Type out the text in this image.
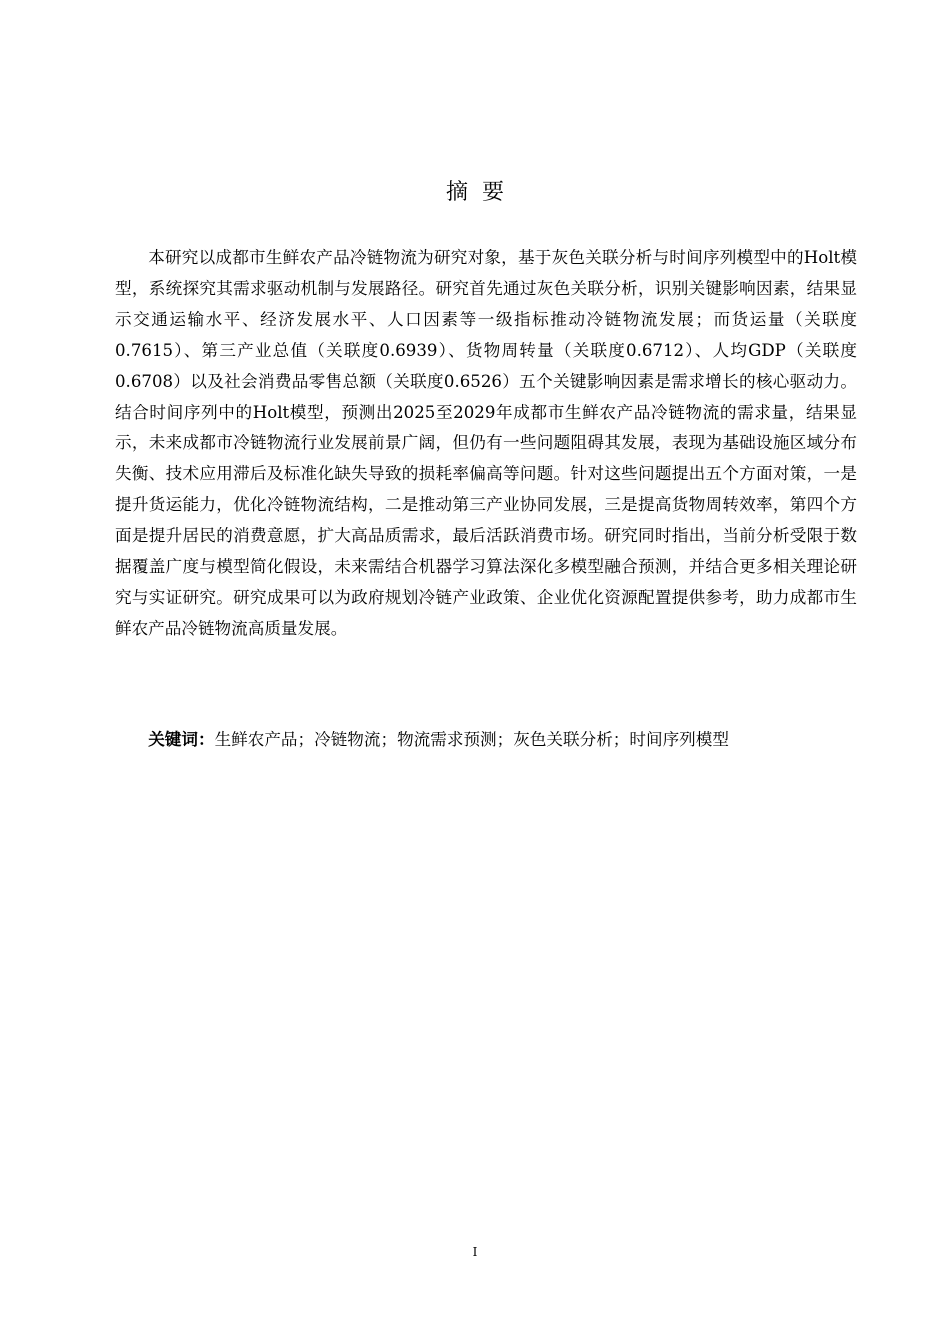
摘要

本研究以成都市生鲜农产品冷链物流为研究对象，基于灰色关联分析与时间序列模型中的Holt模型，系统探究其需求驱动机制与发展路径。研究首先通过灰色关联分析，识别关键影响因素，结果显示交通运输水平、经济发展水平、人口因素等一级指标推动冷链物流发展；而货运量（关联度0.7615）、第三产业总值（关联度0.6939）、货物周转量（关联度0.6712）、人均GDP（关联度0.6708）以及社会消费品零售总额（关联度0.6526）五个关键影响因素是需求增长的核心驱动力。结合时间序列中的Holt模型，预测出2025至2029年成都市生鲜农产品冷链物流的需求量，结果显示，未来成都市冷链物流行业发展前景广阔，但仍有一些问题阻碍其发展，表现为基础设施区域分布失衡、技术应用滞后及标准化缺失导致的损耗率偏高等问题。针对这些问题提出五个方面对策，一是提升货运能力，优化冷链物流结构，二是推动第三产业协同发展，三是提高货物周转效率，第四个方面是提升居民的消费意愿，扩大高品质需求，最后活跃消费市场。研究同时指出，当前分析受限于数据覆盖广度与模型简化假设，未来需结合机器学习算法深化多模型融合预测，并结合更多相关理论研究与实证研究。研究成果可以为政府规划冷链产业政策、企业优化资源配置提供参考，助力成都市生鲜农产品冷链物流高质量发展。

关键词：生鲜农产品；冷链物流；物流需求预测；灰色关联分析；时间序列模型

I
